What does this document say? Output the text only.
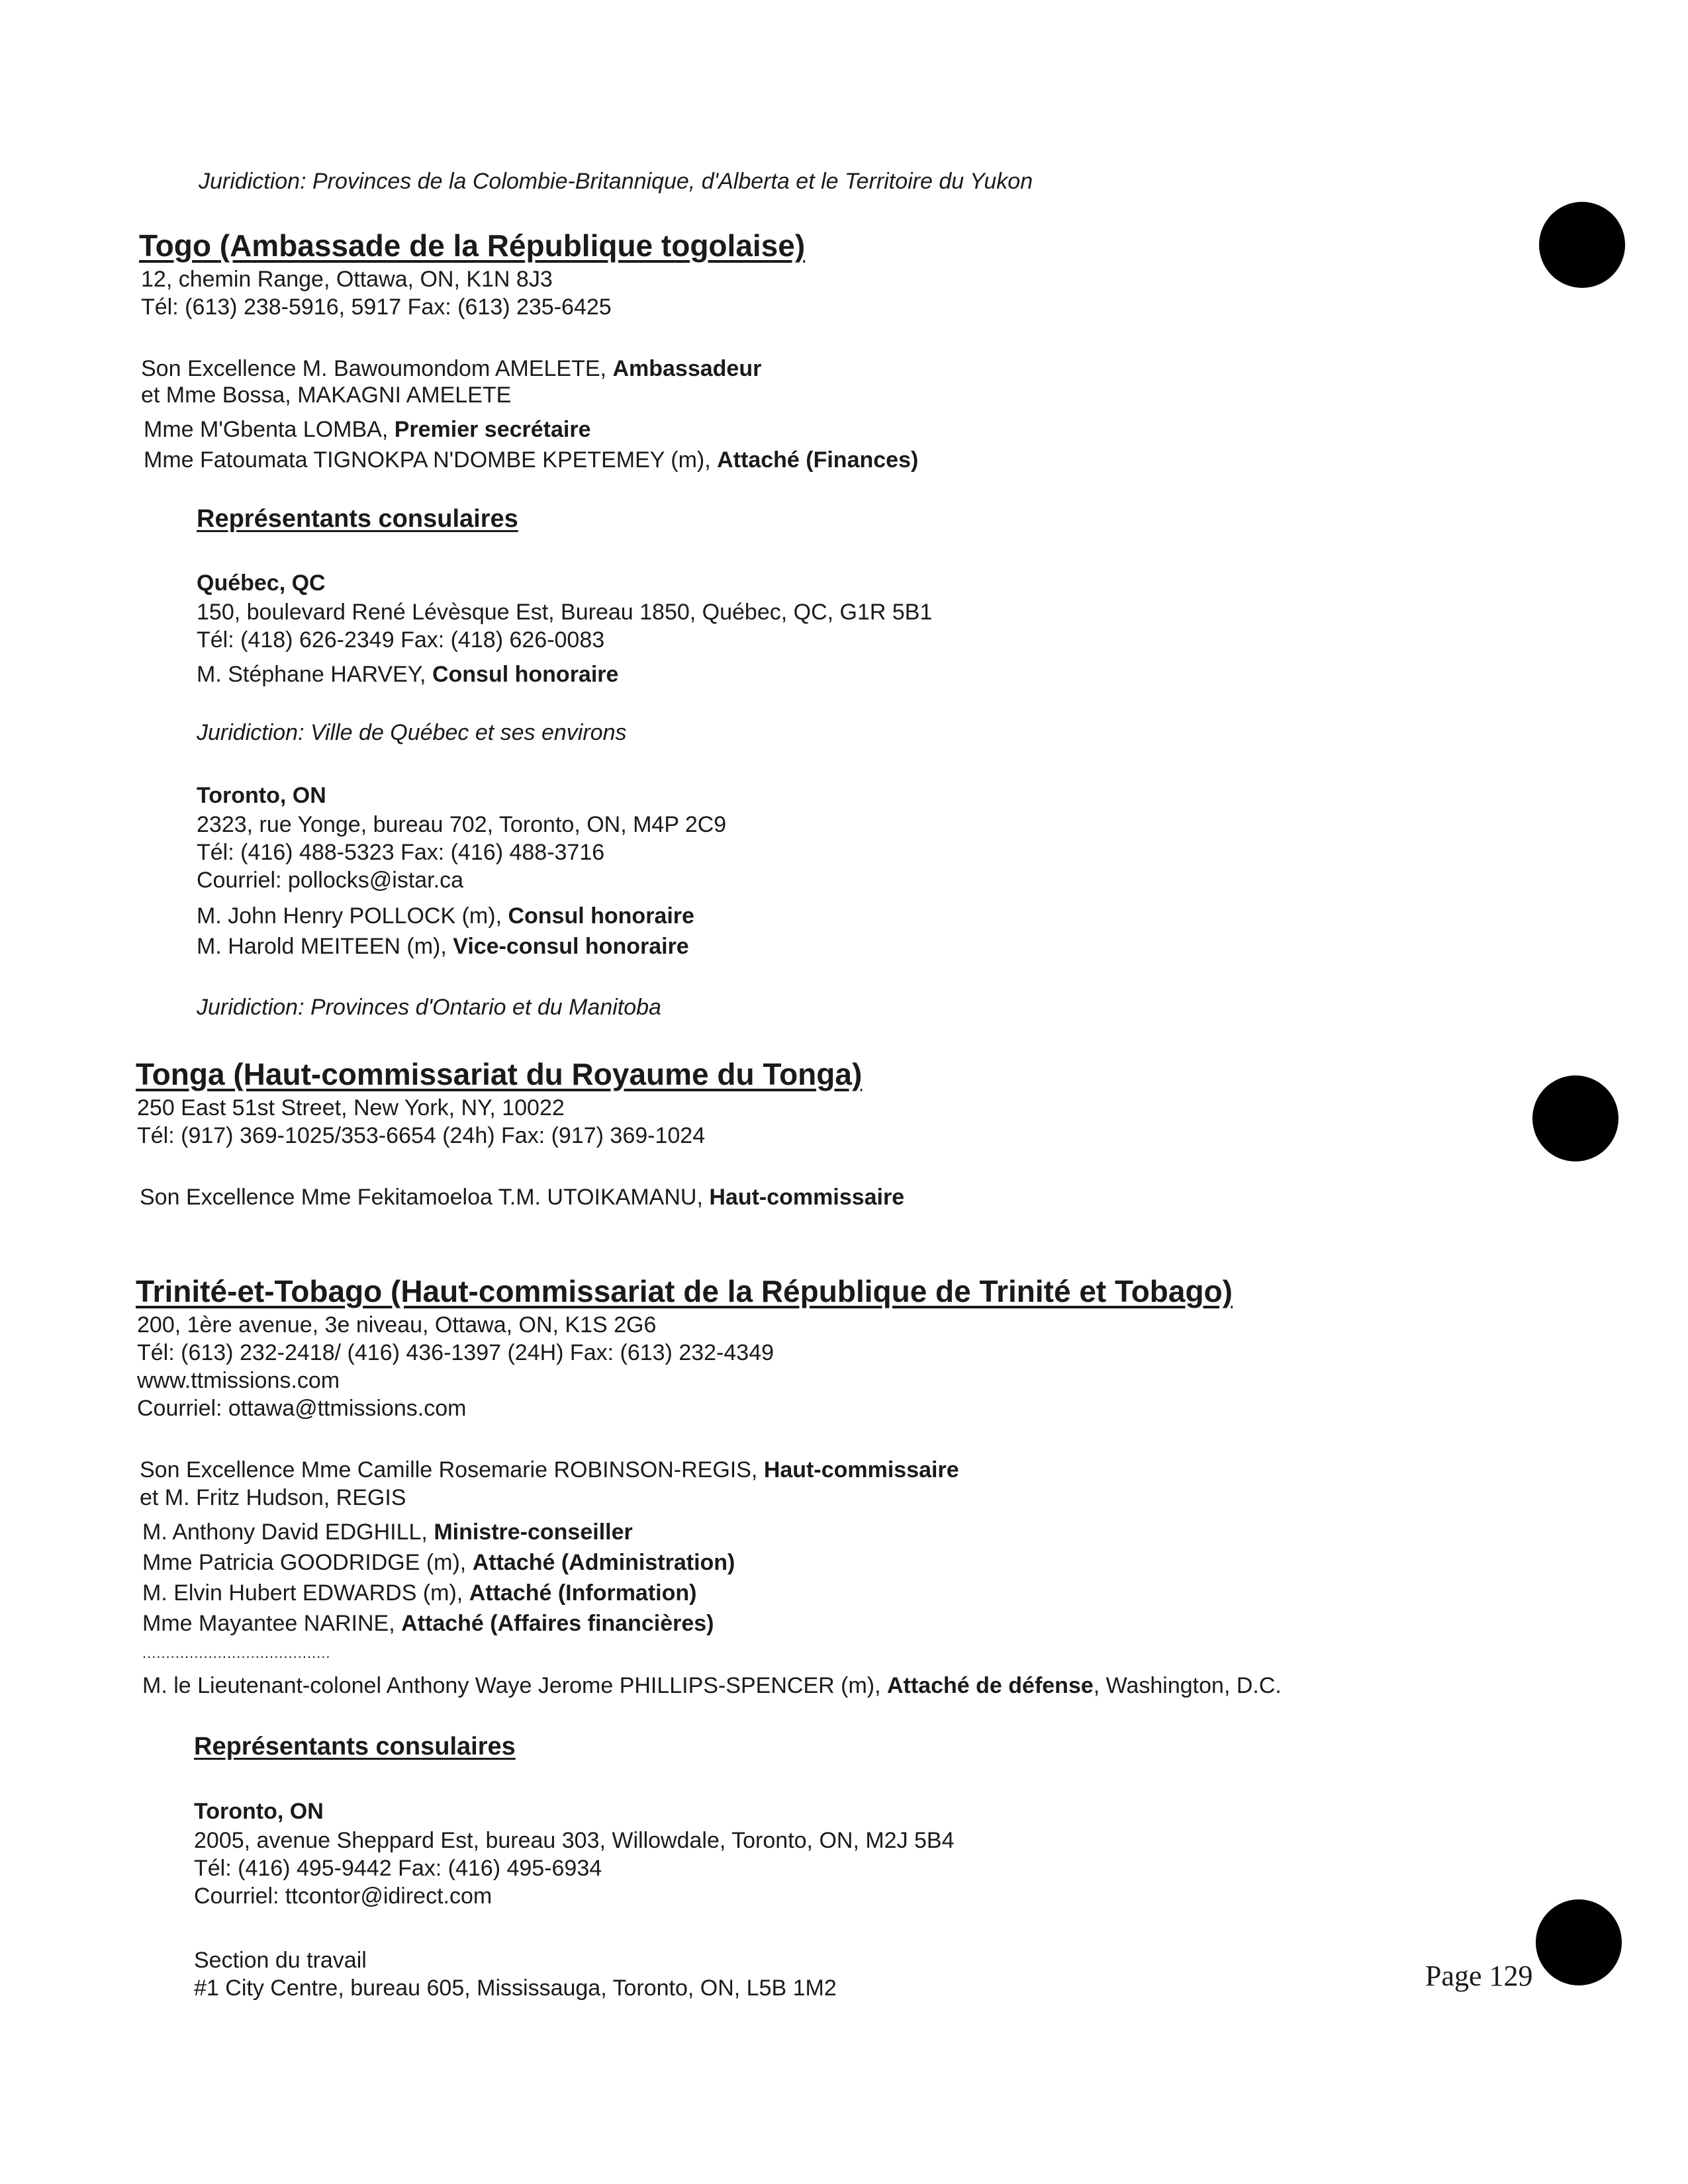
Juridiction: Provinces de la Colombie-Britannique, d'Alberta et le Territoire du Yukon
Togo (Ambassade de la République togolaise)
12, chemin Range, Ottawa, ON, K1N 8J3
Tél: (613) 238-5916, 5917 Fax: (613) 235-6425
Son Excellence M. Bawoumondom AMELETE, Ambassadeur
et Mme Bossa, MAKAGNI AMELETE
Mme M'Gbenta LOMBA, Premier secrétaire
Mme Fatoumata TIGNOKPA N'DOMBE KPETEMEY (m), Attaché (Finances)
Représentants consulaires
Québec, QC
150, boulevard René Lévèsque Est, Bureau 1850, Québec, QC, G1R 5B1
Tél: (418) 626-2349 Fax: (418) 626-0083
M. Stéphane HARVEY, Consul honoraire
Juridiction: Ville de Québec et ses environs
Toronto, ON
2323, rue Yonge, bureau 702, Toronto, ON, M4P 2C9
Tél: (416) 488-5323 Fax: (416) 488-3716
Courriel: pollocks@istar.ca
M. John Henry POLLOCK (m), Consul honoraire
M. Harold MEITEEN (m), Vice-consul honoraire
Juridiction: Provinces d'Ontario et du Manitoba
Tonga (Haut-commissariat du Royaume du Tonga)
250 East 51st Street, New York, NY, 10022
Tél: (917) 369-1025/353-6654 (24h) Fax: (917) 369-1024
Son Excellence Mme Fekitamoeloa T.M. UTOIKAMANU, Haut-commissaire
Trinité-et-Tobago (Haut-commissariat de la République de Trinité et Tobago)
200, 1ère avenue, 3e niveau, Ottawa, ON, K1S 2G6
Tél: (613) 232-2418/ (416) 436-1397 (24H) Fax: (613) 232-4349
www.ttmissions.com
Courriel: ottawa@ttmissions.com
Son Excellence Mme Camille Rosemarie ROBINSON-REGIS, Haut-commissaire
et M. Fritz Hudson, REGIS
M. Anthony David EDGHILL, Ministre-conseiller
Mme Patricia GOODRIDGE (m), Attaché (Administration)
M. Elvin Hubert EDWARDS (m), Attaché (Information)
Mme Mayantee NARINE, Attaché (Affaires financières)
........................................
M. le Lieutenant-colonel Anthony Waye Jerome PHILLIPS-SPENCER (m), Attaché de défense, Washington, D.C.
Représentants consulaires
Toronto, ON
2005, avenue Sheppard Est, bureau 303, Willowdale, Toronto, ON, M2J 5B4
Tél: (416) 495-9442 Fax: (416) 495-6934
Courriel: ttcontor@idirect.com
Section du travail
#1 City Centre, bureau 605, Mississauga, Toronto, ON, L5B 1M2	Page 129
